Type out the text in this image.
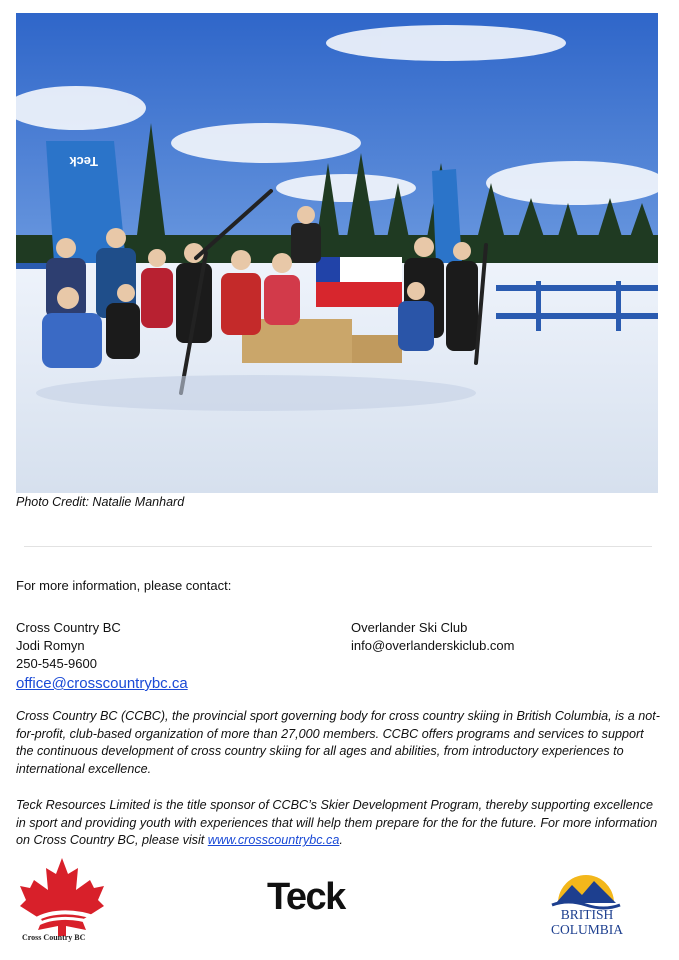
Teck
Photo Credit: Natalie Manhard
For more information, please contact:
Cross Country BC
Jodi Romyn
250-545-9600
office@crosscountrybc.ca
Overlander Ski Club
info@overlanderskiclub.com
Cross Country BC (CCBC), the provincial sport governing body for cross country skiing in British Columbia, is a not-for-profit, club-based organization of more than 27,000 members. CCBC offers programs and services to support the continuous development of cross country skiing for all ages and abilities, from introductory experiences to international excellence.
Teck Resources Limited is the title sponsor of CCBC’s Skier Development Program, thereby supporting excellence in sport and providing youth with experiences that will help them prepare for the for the future. For more information on Cross Country BC, please visit www.crosscountrybc.ca.
Cross Country BC
Teck	BRITISH
COLUMBIA
